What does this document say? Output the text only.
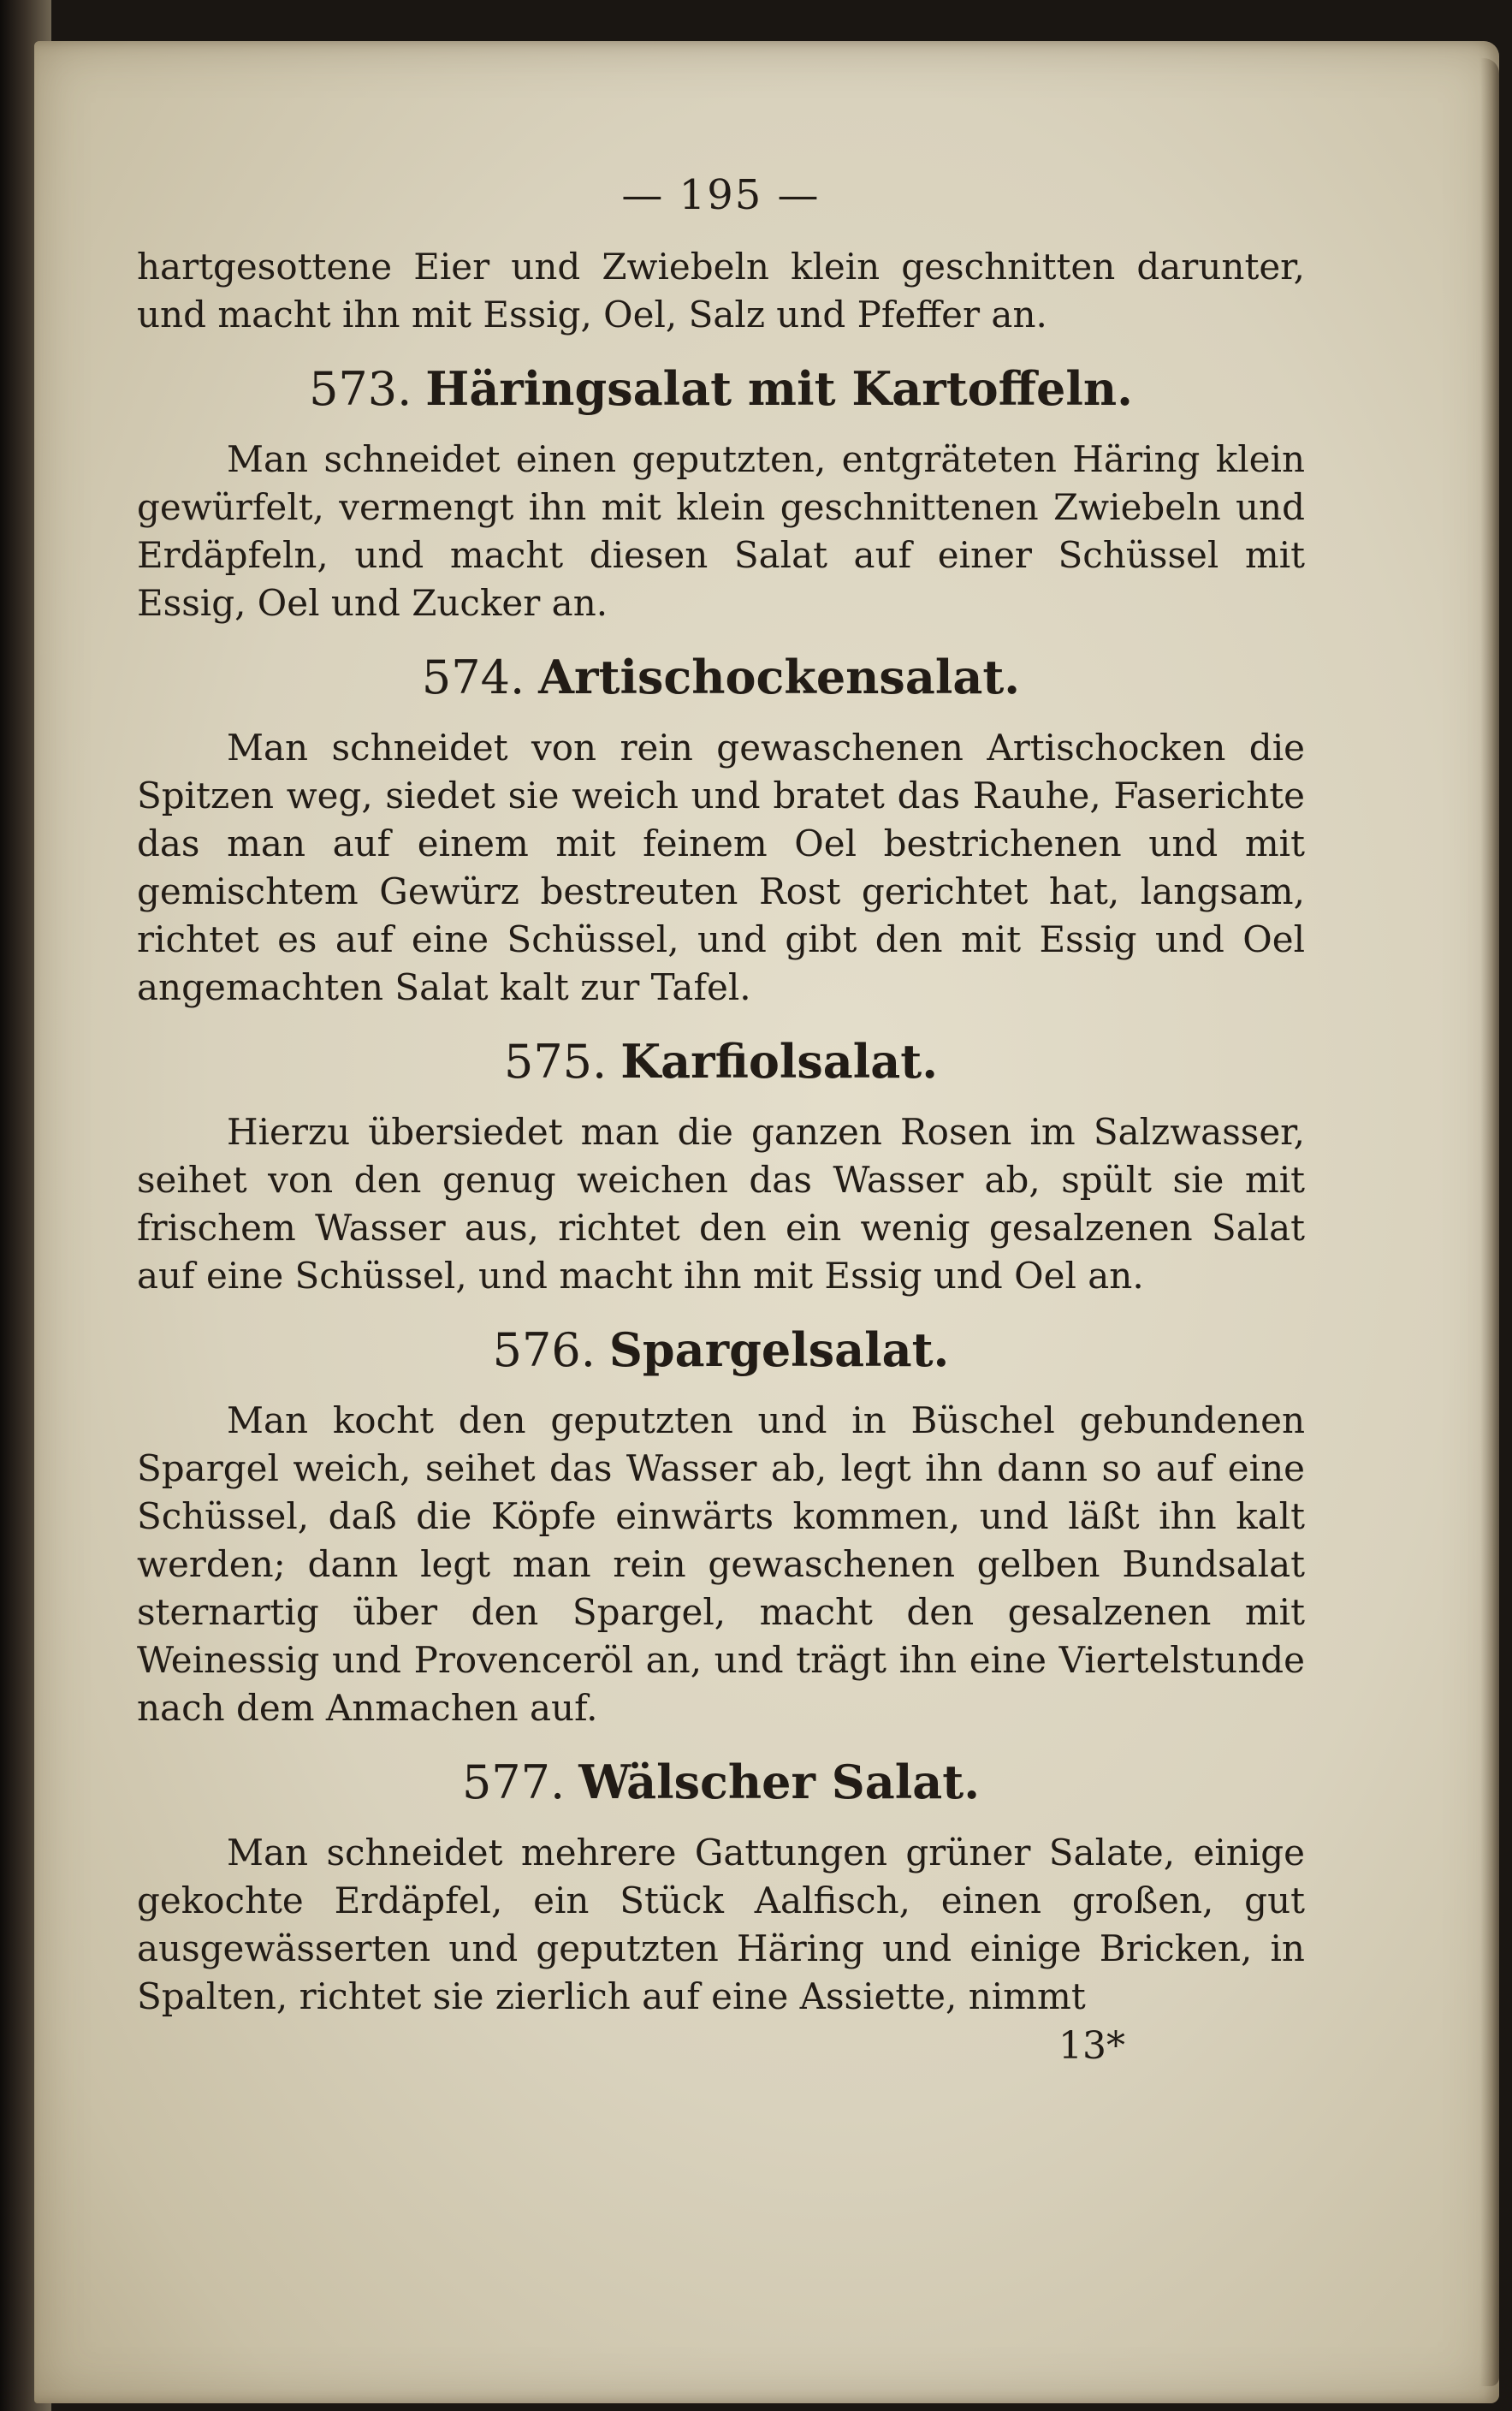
— 195 —

hartgesottene Eier und Zwiebeln klein geschnitten darunter, und macht ihn mit Essig, Oel, Salz und Pfeffer an.

573. Häringsalat mit Kartoffeln.

Man schneidet einen geputzten, entgräteten Häring klein gewürfelt, vermengt ihn mit klein geschnittenen Zwiebeln und Erdäpfeln, und macht diesen Salat auf einer Schüssel mit Essig, Oel und Zucker an.

574. Artischockensalat.

Man schneidet von rein gewaschenen Artischocken die Spitzen weg, siedet sie weich und bratet das Rauhe, Faserichte das man auf einem mit feinem Oel bestrichenen und mit gemischtem Gewürz bestreuten Rost gerichtet hat, langsam, richtet es auf eine Schüssel, und gibt den mit Essig und Oel angemachten Salat kalt zur Tafel.

575. Karfiolsalat.

Hierzu übersiedet man die ganzen Rosen im Salzwasser, seihet von den genug weichen das Wasser ab, spült sie mit frischem Wasser aus, richtet den ein wenig gesalzenen Salat auf eine Schüssel, und macht ihn mit Essig und Oel an.

576. Spargelsalat.

Man kocht den geputzten und in Büschel gebundenen Spargel weich, seihet das Wasser ab, legt ihn dann so auf eine Schüssel, daß die Köpfe einwärts kommen, und läßt ihn kalt werden; dann legt man rein gewaschenen gelben Bundsalat sternartig über den Spargel, macht den gesalzenen mit Weinessig und Provenceröl an, und trägt ihn eine Viertelstunde nach dem Anmachen auf.

577. Wälscher Salat.

Man schneidet mehrere Gattungen grüner Salate, einige gekochte Erdäpfel, ein Stück Aalfisch, einen großen, gut ausgewässerten und geputzten Häring und einige Bricken, in Spalten, richtet sie zierlich auf eine Assiette, nimmt

13*
